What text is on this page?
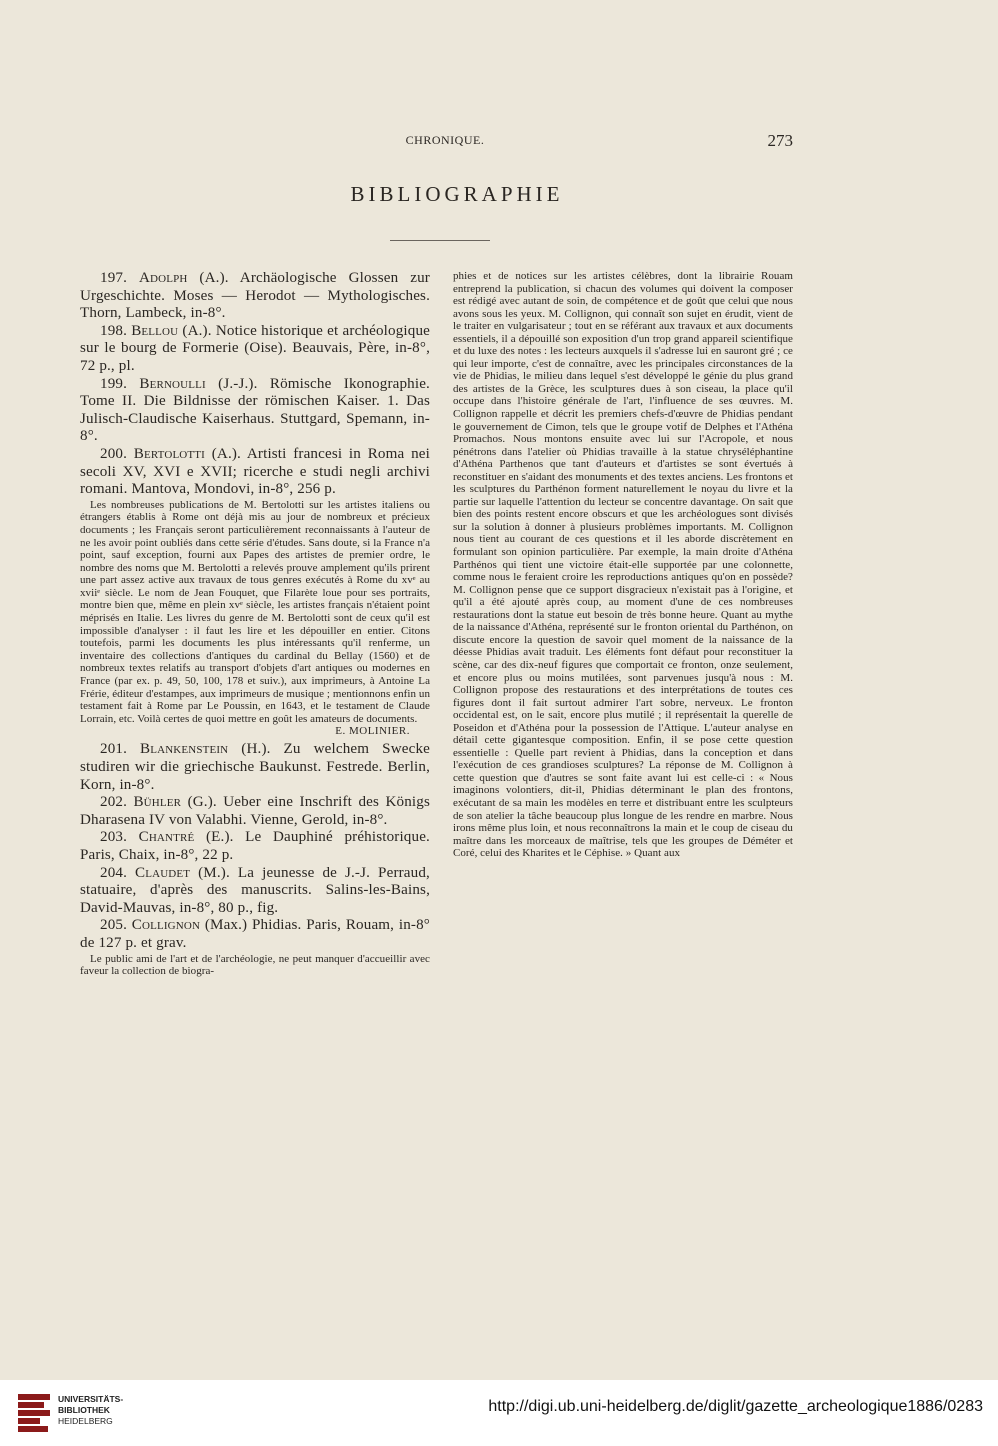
CHRONIQUE.	273
BIBLIOGRAPHIE

197. Adolph (A.). Archäologische Glossen zur Urgeschichte. Moses — Herodot — Mythologisches. Thorn, Lambeck, in-8°.

198. Bellou (A.). Notice historique et archéologique sur le bourg de Formerie (Oise). Beauvais, Père, in-8°, 72 p., pl.

199. Bernoulli (J.-J.). Römische Ikonographie. Tome II. Die Bildnisse der römischen Kaiser. 1. Das Julisch-Claudische Kaiserhaus. Stuttgard, Spemann, in-8°.

200. Bertolotti (A.). Artisti francesi in Roma nei secoli XV, XVI e XVII; ricerche e studi negli archivi romani. Mantova, Mondovi, in-8°, 256 p.

Les nombreuses publications de M. Bertolotti sur les artistes italiens ou étrangers établis à Rome ont déjà mis au jour de nombreux et précieux documents ; les Français seront particulièrement reconnaissants à l'auteur de ne les avoir point oubliés dans cette série d'études. Sans doute, si la France n'a point, sauf exception, fourni aux Papes des artistes de premier ordre, le nombre des noms que M. Bertolotti a relevés prouve amplement qu'ils prirent une part assez active aux travaux de tous genres exécutés à Rome du xvᵉ au xviiᵉ siècle. Le nom de Jean Fouquet, que Filarète loue pour ses portraits, montre bien que, même en plein xvᵉ siècle, les artistes français n'étaient point méprisés en Italie. Les livres du genre de M. Bertolotti sont de ceux qu'il est impossible d'analyser : il faut les lire et les dépouiller en entier. Citons toutefois, parmi les documents les plus intéressants qu'il renferme, un inventaire des collections d'antiques du cardinal du Bellay (1560) et de nombreux textes relatifs au transport d'objets d'art antiques ou modernes en France (par ex. p. 49, 50, 100, 178 et suiv.), aux imprimeurs, à Antoine La Frérie, éditeur d'estampes, aux imprimeurs de musique ; mentionnons enfin un testament fait à Rome par Le Poussin, en 1643, et le testament de Claude Lorrain, etc. Voilà certes de quoi mettre en goût les amateurs de documents.

E. MOLINIER.

201. Blankenstein (H.). Zu welchem Swecke studiren wir die griechische Baukunst. Festrede. Berlin, Korn, in-8°.

202. Bühler (G.). Ueber eine Inschrift des Königs Dharasena IV von Valabhi. Vienne, Gerold, in-8°.

203. Chantré (E.). Le Dauphiné préhistorique. Paris, Chaix, in-8°, 22 p.

204. Claudet (M.). La jeunesse de J.-J. Perraud, statuaire, d'après des manuscrits. Salins-les-Bains, David-Mauvas, in-8°, 80 p., fig.

205. Collignon (Max.) Phidias. Paris, Rouam, in-8° de 127 p. et grav.

Le public ami de l'art et de l'archéologie, ne peut manquer d'accueillir avec faveur la collection de biogra-

phies et de notices sur les artistes célèbres, dont la librairie Rouam entreprend la publication, si chacun des volumes qui doivent la composer est rédigé avec autant de soin, de compétence et de goût que celui que nous avons sous les yeux. M. Collignon, qui connaît son sujet en érudit, vient de le traiter en vulgarisateur ; tout en se référant aux travaux et aux documents essentiels, il a dépouillé son exposition d'un trop grand appareil scientifique et du luxe des notes : les lecteurs auxquels il s'adresse lui en sauront gré ; ce qui leur importe, c'est de connaître, avec les principales circonstances de la vie de Phidias, le milieu dans lequel s'est développé le génie du plus grand des artistes de la Grèce, les sculptures dues à son ciseau, la place qu'il occupe dans l'histoire générale de l'art, l'influence de ses œuvres. M. Collignon rappelle et décrit les premiers chefs-d'œuvre de Phidias pendant le gouvernement de Cimon, tels que le groupe votif de Delphes et l'Athéna Promachos. Nous montons ensuite avec lui sur l'Acropole, et nous pénétrons dans l'atelier où Phidias travaille à la statue chryséléphantine d'Athéna Parthenos que tant d'auteurs et d'artistes se sont évertués à reconstituer en s'aidant des monuments et des textes anciens. Les frontons et les sculptures du Parthénon forment naturellement le noyau du livre et la partie sur laquelle l'attention du lecteur se concentre davantage. On sait que bien des points restent encore obscurs et que les archéologues sont divisés sur la solution à donner à plusieurs problèmes importants. M. Collignon nous tient au courant de ces questions et il les aborde discrètement en formulant son opinion particulière. Par exemple, la main droite d'Athéna Parthénos qui tient une victoire était-elle supportée par une colonnette, comme nous le feraient croire les reproductions antiques qu'on en possède? M. Collignon pense que ce support disgracieux n'existait pas à l'origine, et qu'il a été ajouté après coup, au moment d'une de ces nombreuses restaurations dont la statue eut besoin de très bonne heure. Quant au mythe de la naissance d'Athéna, représenté sur le fronton oriental du Parthénon, on discute encore la question de savoir quel moment de la naissance de la déesse Phidias avait traduit. Les éléments font défaut pour reconstituer la scène, car des dix-neuf figures que comportait ce fronton, onze seulement, et encore plus ou moins mutilées, sont parvenues jusqu'à nous : M. Collignon propose des restaurations et des interprétations de toutes ces figures dont il fait surtout admirer l'art sobre, nerveux. Le fronton occidental est, on le sait, encore plus mutilé ; il représentait la querelle de Poseidon et d'Athéna pour la possession de l'Attique. L'auteur analyse en détail cette gigantesque composition. Enfin, il se pose cette question essentielle : Quelle part revient à Phidias, dans la conception et dans l'exécution de ces grandioses sculptures? La réponse de M. Collignon à cette question que d'autres se sont faite avant lui est celle-ci : « Nous imaginons volontiers, dit-il, Phidias déterminant le plan des frontons, exécutant de sa main les modèles en terre et distribuant entre les sculpteurs de son atelier la tâche beaucoup plus longue de les rendre en marbre. Nous irons même plus loin, et nous reconnaîtrons la main et le coup de ciseau du maître dans les morceaux de maîtrise, tels que les groupes de Déméter et Coré, celui des Kharites et le Céphise. » Quant aux

UNIVERSITÄTS-
BIBLIOTHEK
HEIDELBERG
http://digi.ub.uni-heidelberg.de/diglit/gazette_archeologique1886/0283
